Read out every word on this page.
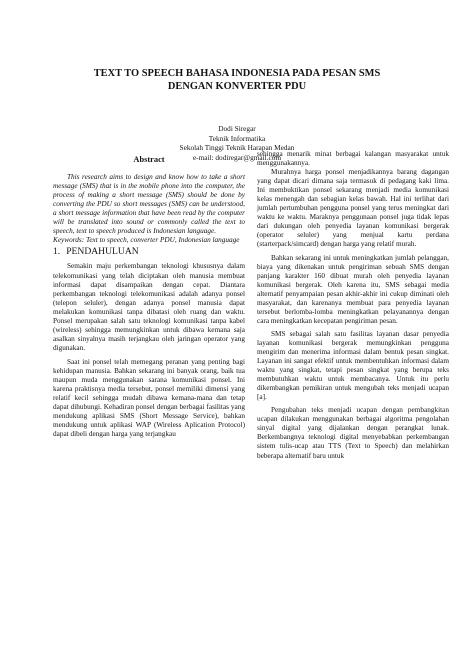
TEXT TO SPEECH BAHASA INDONESIA PADA PESAN SMS
DENGAN KONVERTER PDU
Dodi Siregar
Teknik Informatika
Sekolah Tinggi Teknik Harapan Medan
e-mail: dodiregar@gmail.com
Abstract

This research aims to design and know how to take a short message (SMS) that is in the mobile phone into the computer, the process of making a short message (SMS) should be done by converting the PDU so short messages (SMS) can be understood, a short message information that have been read by the computer will be translated into sound or commonly called the text to speech, text to speech produced is Indonesian language.

Keywords: Text to speech, converter PDU, Indonesian language

1. PENDAHULUAN

Semakin maju perkembangan teknologi khususnya dalam telekomunikasi yang telah diciptakan oleh manusia membuat informasi dapat disampaikan dengan cepat. Diantara perkembangan teknologi telekomunikasi adalah adanya ponsel (telepon seluler), dengan adanya ponsel manusia dapat melakukan komunikasi tanpa dibatasi oleh ruang dan waktu. Ponsel merupakan salah satu teknologi komunikasi tanpa kabel (wireless) sehingga memungkinkan untuk dibawa kemana saja asalkan sinyalnya masih terjangkau oleh jaringan operator yang digunakan.

Saat ini ponsel telah memegang peranan yang penting bagi kehidupan manusia. Bahkan sekarang ini banyak orang, baik tua maupun muda menggunakan sarana komunikasi ponsel. Ini karena praktisnya media tersebut, ponsel memiliki dimensi yang relatif kecil sehingga mudah dibawa kemana-mana dan tetap dapat dihubungi. Kehadiran ponsel dengan berbagai fasilitas yang mendukung aplikasi SMS (Short Message Service), bahkan mendukung untuk aplikasi WAP (Wireless Aplication Protocol) dapat dibeli dengan harga yang terjangkau

sehingga menarik minat berbagai kalangan masyarakat untuk menggunakannya.

Murahnya harga ponsel menjadikannya barang dagangan yang dapat dicari dimana saja termasuk di pedagang kaki lima. Ini membuktikan ponsel sekarang menjadi media komunikasi kelas menengah dan sebagian kelas bawah. Hal ini terlihat dari jumlah pertumbuhan pengguna ponsel yang terus meningkat dari waktu ke waktu. Maraknya penggunaan ponsel juga tidak lepas dari dukungan oleh penyedia layanan komunikasi bergerak (operator seluler) yang menjual kartu perdana (starterpack/simcard) dengan harga yang relatif murah.

Bahkan sekarang ini untuk meningkatkan jumlah pelanggan, biaya yang dikenakan untuk pengiriman sebuah SMS dengan panjang karakter 160 dibuat murah oleh penyedia layanan komunikasi bergerak. Oleh karena itu, SMS sebagai media alternatif penyampaian pesan akhir-akhir ini cukup diminati oleh masyarakat, dan karenanya membuat para penyedia layanan tersebut berlomba-lomba meningkatkan pelayanannya dengan cara meningkatkan kecepatan pengiriman pesan.

SMS sebagai salah satu fasilitas layanan dasar penyedia layanan komunikasi bergerak memungkinkan pengguna mengirim dan menerima informasi dalam bentuk pesan singkat. Layanan ini sangat efektif untuk membentuhkan informasi dalam waktu yang singkat, tetapi pesan singkat yang berupa teks membutuhkan waktu untuk membacanya. Untuk itu perlu dikembangkan pemikiran untuk mengubah teks menjadi ucapan [a].

Pengubahan teks menjadi ucapan dengan pembangkitan ucapan dilakukan menggunakan berbagai algoritma pengolahan sinyal digital yang dijalankan dengan perangkat lunak. Berkembangnya teknologi digital menyebabkan perkembangan sistem tulis-ucap atau TTS (Text to Speech) dan melahirkan beberapa alternatif baru untuk
